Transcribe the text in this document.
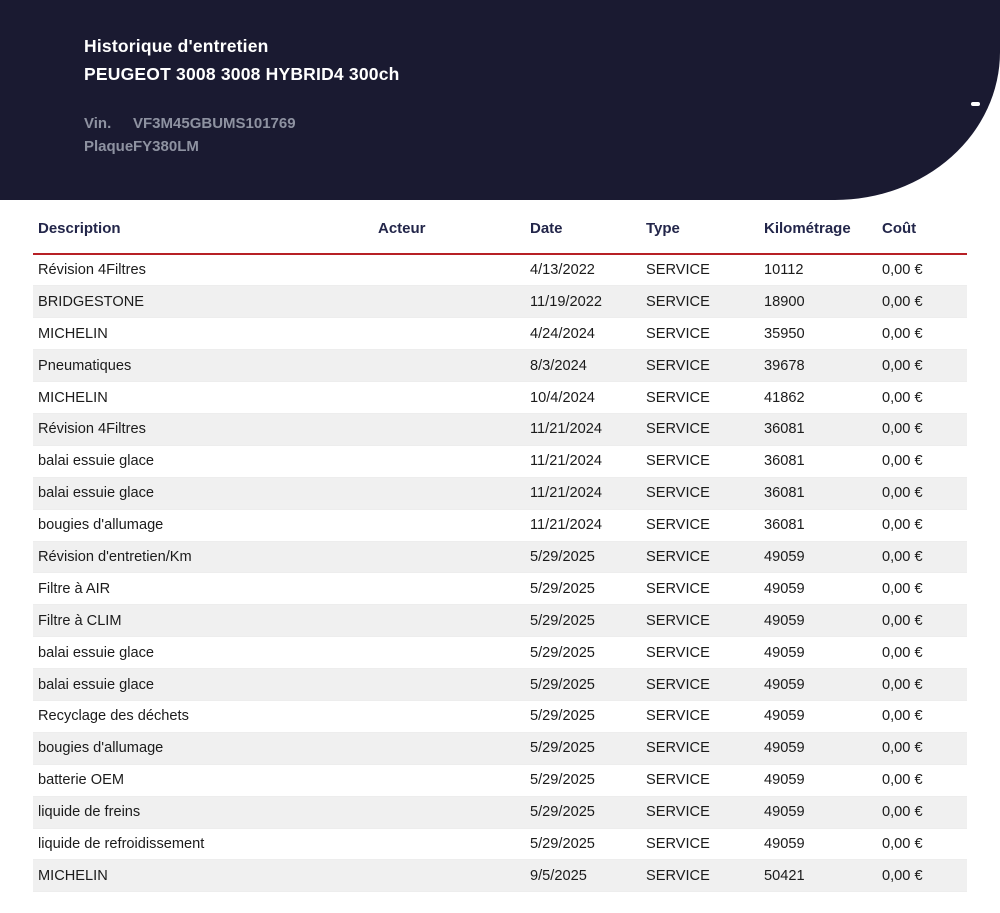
Historique d'entretien
PEUGEOT 3008 3008 HYBRID4 300ch
Vin.	VF3M45GBUMS101769
Plaque FY380LM
Description	Acteur	Date	Type	Kilométrage	Coût
Révision 4Filtres		4/13/2022	SERVICE	10112	0,00 €
BRIDGESTONE		11/19/2022	SERVICE	18900	0,00 €
MICHELIN		4/24/2024	SERVICE	35950	0,00 €
Pneumatiques		8/3/2024	SERVICE	39678	0,00 €
MICHELIN		10/4/2024	SERVICE	41862	0,00 €
Révision 4Filtres		11/21/2024	SERVICE	36081	0,00 €
balai essuie glace		11/21/2024	SERVICE	36081	0,00 €
balai essuie glace		11/21/2024	SERVICE	36081	0,00 €
bougies d'allumage		11/21/2024	SERVICE	36081	0,00 €
Révision d'entretien/Km		5/29/2025	SERVICE	49059	0,00 €
Filtre à AIR		5/29/2025	SERVICE	49059	0,00 €
Filtre à CLIM		5/29/2025	SERVICE	49059	0,00 €
balai essuie glace		5/29/2025	SERVICE	49059	0,00 €
balai essuie glace		5/29/2025	SERVICE	49059	0,00 €
Recyclage des déchets		5/29/2025	SERVICE	49059	0,00 €
bougies d'allumage		5/29/2025	SERVICE	49059	0,00 €
batterie OEM		5/29/2025	SERVICE	49059	0,00 €
liquide de freins		5/29/2025	SERVICE	49059	0,00 €
liquide de refroidissement		5/29/2025	SERVICE	49059	0,00 €
MICHELIN		9/5/2025	SERVICE	50421	0,00 €
